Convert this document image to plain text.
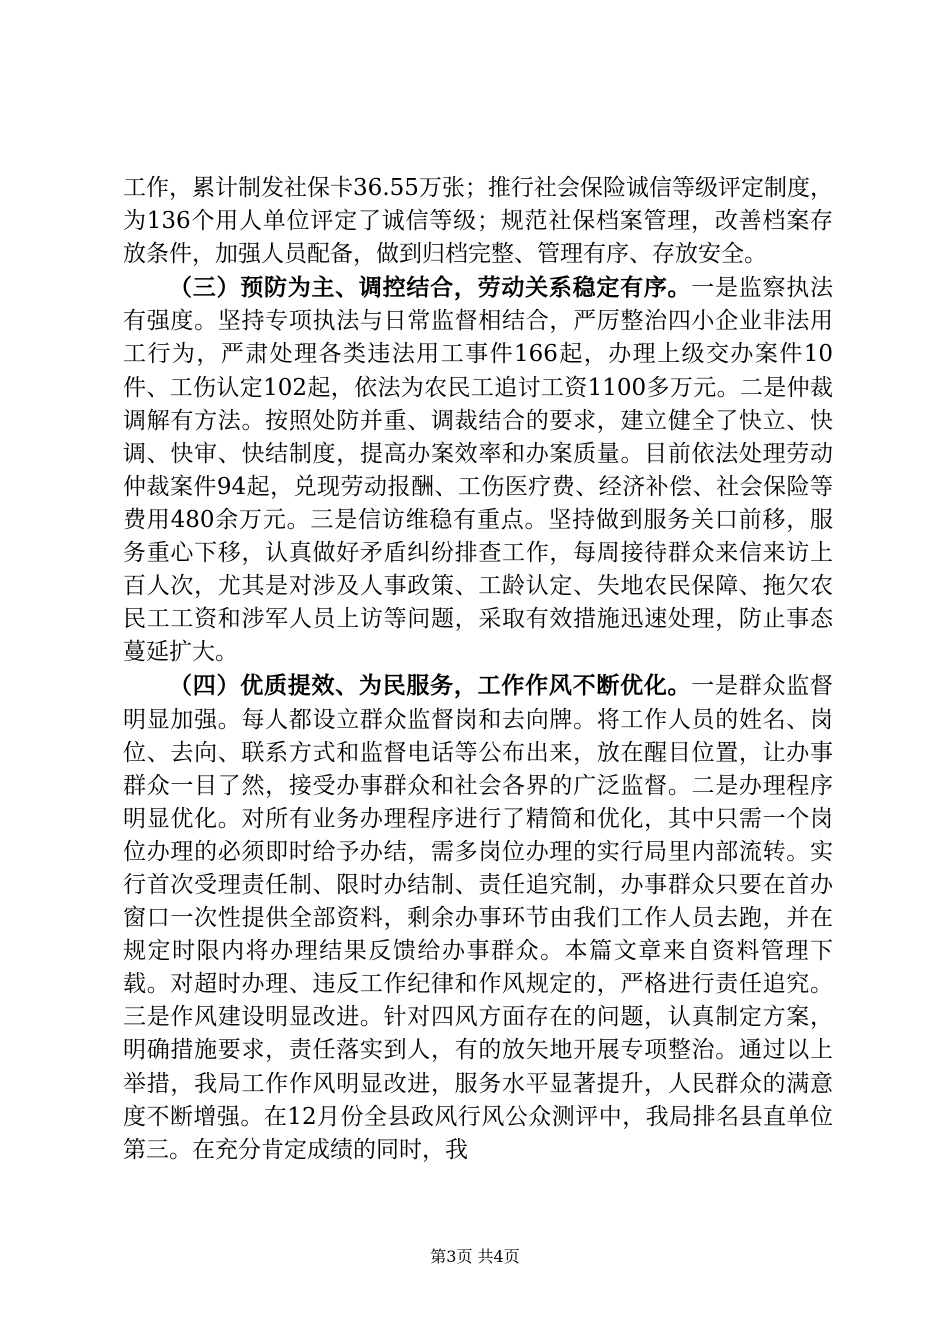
工作，累计制发社保卡36.55万张；推行社会保险诚信等级评定制度，为136个用人单位评定了诚信等级；规范社保档案管理，改善档案存放条件，加强人员配备，做到归档完整、管理有序、存放安全。

（三）预防为主、调控结合，劳动关系稳定有序。一是监察执法有强度。坚持专项执法与日常监督相结合，严厉整治四小企业非法用工行为，严肃处理各类违法用工事件166起，办理上级交办案件10件、工伤认定102起，依法为农民工追讨工资1100多万元。二是仲裁调解有方法。按照处防并重、调裁结合的要求，建立健全了快立、快调、快审、快结制度，提高办案效率和办案质量。目前依法处理劳动仲裁案件94起，兑现劳动报酬、工伤医疗费、经济补偿、社会保险等费用480余万元。三是信访维稳有重点。坚持做到服务关口前移，服务重心下移，认真做好矛盾纠纷排查工作，每周接待群众来信来访上百人次，尤其是对涉及人事政策、工龄认定、失地农民保障、拖欠农民工工资和涉军人员上访等问题，采取有效措施迅速处理，防止事态蔓延扩大。

（四）优质提效、为民服务，工作作风不断优化。一是群众监督明显加强。每人都设立群众监督岗和去向牌。将工作人员的姓名、岗位、去向、联系方式和监督电话等公布出来，放在醒目位置，让办事群众一目了然，接受办事群众和社会各界的广泛监督。二是办理程序明显优化。对所有业务办理程序进行了精简和优化，其中只需一个岗位办理的必须即时给予办结，需多岗位办理的实行局里内部流转。实行首次受理责任制、限时办结制、责任追究制，办事群众只要在首办窗口一次性提供全部资料，剩余办事环节由我们工作人员去跑，并在规定时限内将办理结果反馈给办事群众。本篇文章来自资料管理下载。对超时办理、违反工作纪律和作风规定的，严格进行责任追究。三是作风建设明显改进。针对四风方面存在的问题，认真制定方案，明确措施要求，责任落实到人，有的放矢地开展专项整治。通过以上举措，我局工作作风明显改进，服务水平显著提升，人民群众的满意度不断增强。在12月份全县政风行风公众测评中，我局排名县直单位第三。在充分肯定成绩的同时，我

第3页 共4页
